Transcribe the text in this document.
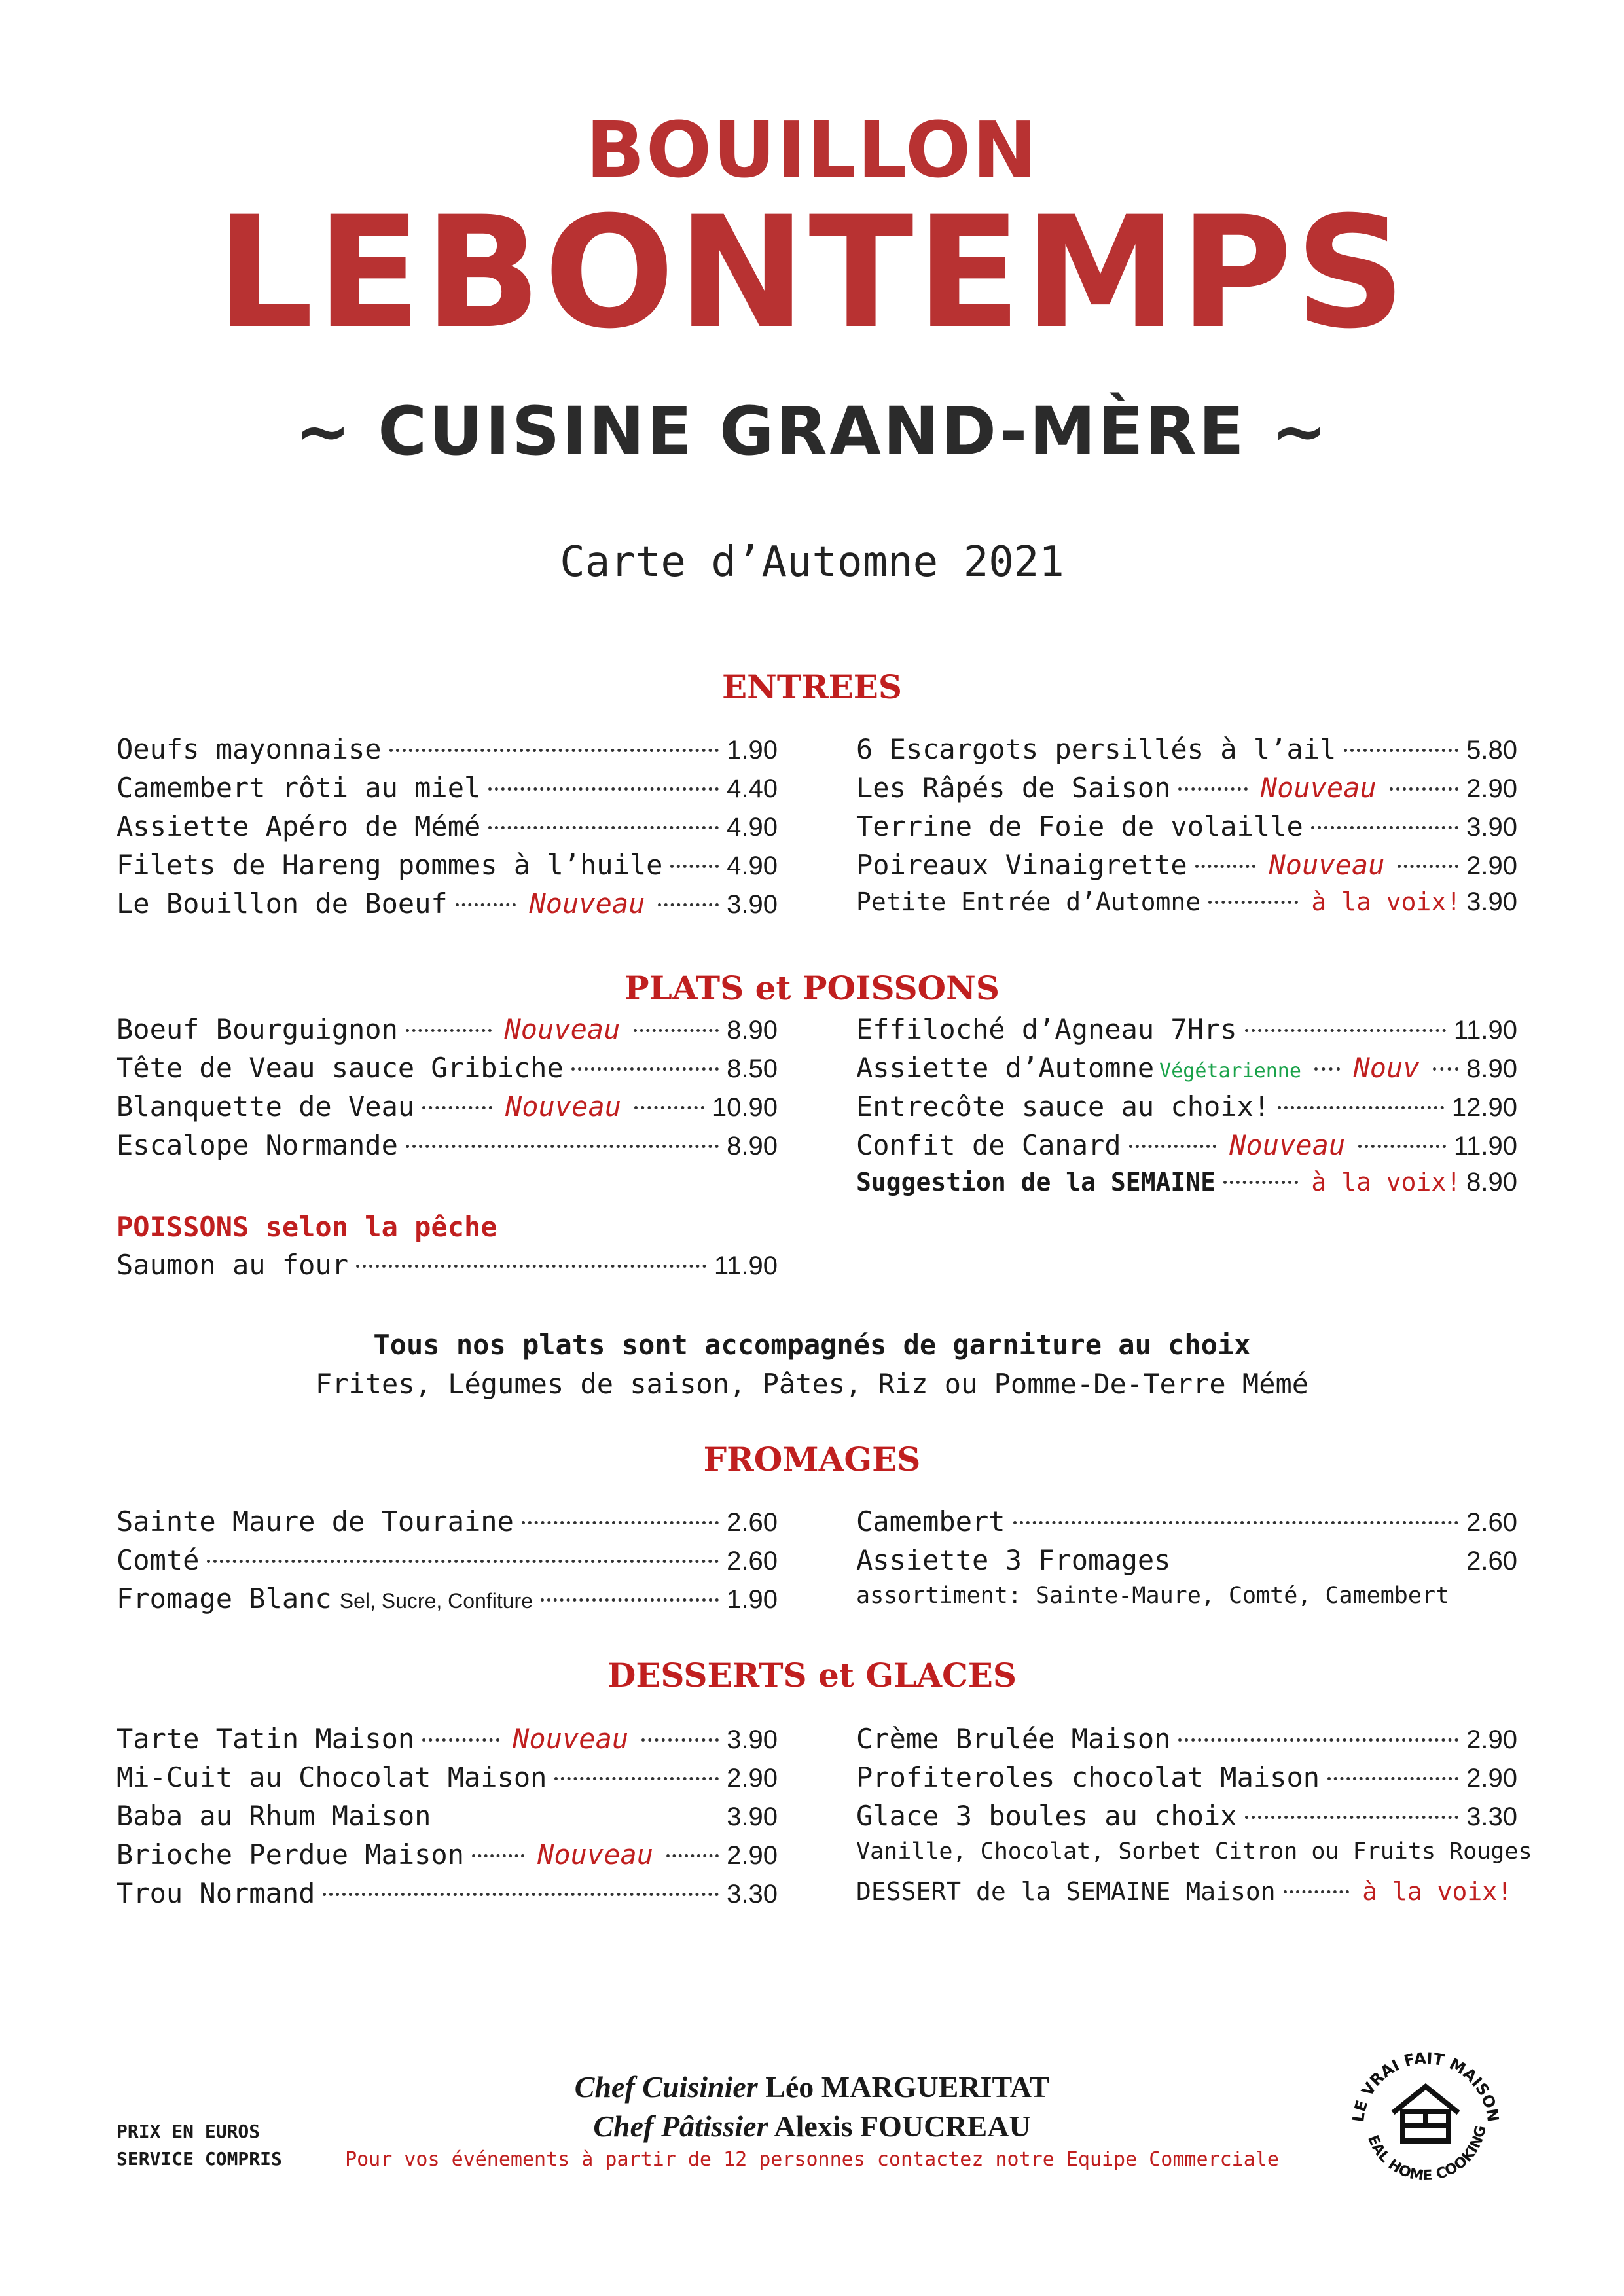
BOUILLON
LEBONTEMPS
~ CUISINE GRAND-MÈRE ~
Carte d’Automne 2021
ENTREES
Oeufs mayonnaise	1.90
Camembert rôti au miel	4.40
Assiette Apéro de Mémé	4.90
Filets de Hareng pommes à l’huile 4.90
Le Bouillon de Boeuf	Nouveau	3.90
6 Escargots persillés à l’ail	5.80
Les Râpés de Saison	Nouveau	2.90
Terrine de Foie de volaille	3.90
Poireaux Vinaigrette	Nouveau	2.90
Petite Entrée d’Automne	à la voix! 3.90
PLATS et POISSONS
Boeuf Bourguignon	Nouveau	8.90
Tête de Veau sauce Gribiche	8.50
Blanquette de Veau	Nouveau	10.90
Escalope Normande	8.90
Effiloché d’Agneau 7Hrs	11.90
Assiette d’Automne Végétarienne Nouv 8.90
Entrecôte sauce au choix!	12.90
Confit de Canard	Nouveau	11.90
Suggestion de la SEMAINE	à la voix! 8.90
POISSONS selon la pêche
Saumon au four	11.90
Tous nos plats sont accompagnés de garniture au choix
Frites, Légumes de saison, Pâtes, Riz ou Pomme-De-Terre Mémé
FROMAGES
Sainte Maure de Touraine	2.60
Comté	2.60
Fromage Blanc Sel, Sucre, Confiture	1.90
Camembert	2.60
Assiette 3 Fromages	2.60
assortiment: Sainte-Maure, Comté, Camembert
DESSERTS et GLACES
Tarte Tatin Maison	Nouveau	3.90
Mi-Cuit au Chocolat Maison	2.90
Baba au Rhum Maison	3.90
Brioche Perdue Maison	Nouveau	2.90
Trou Normand	3.30
Crème Brulée Maison	2.90
Profiteroles chocolat Maison	2.90
Glace 3 boules au choix	3.30
Vanille, Chocolat, Sorbet Citron ou Fruits Rouges
DESSERT de la SEMAINE Maison	à la voix!
Chef Cuisinier Léo MARGUERITAT
Chef Pâtissier Alexis FOUCREAU
PRIX EN EUROS
SERVICE COMPRIS	Pour vos événements à partir de 12 personnes contactez notre Equipe Commerciale
LE VRAI FAIT MAISON
EAL HOME COOKING
